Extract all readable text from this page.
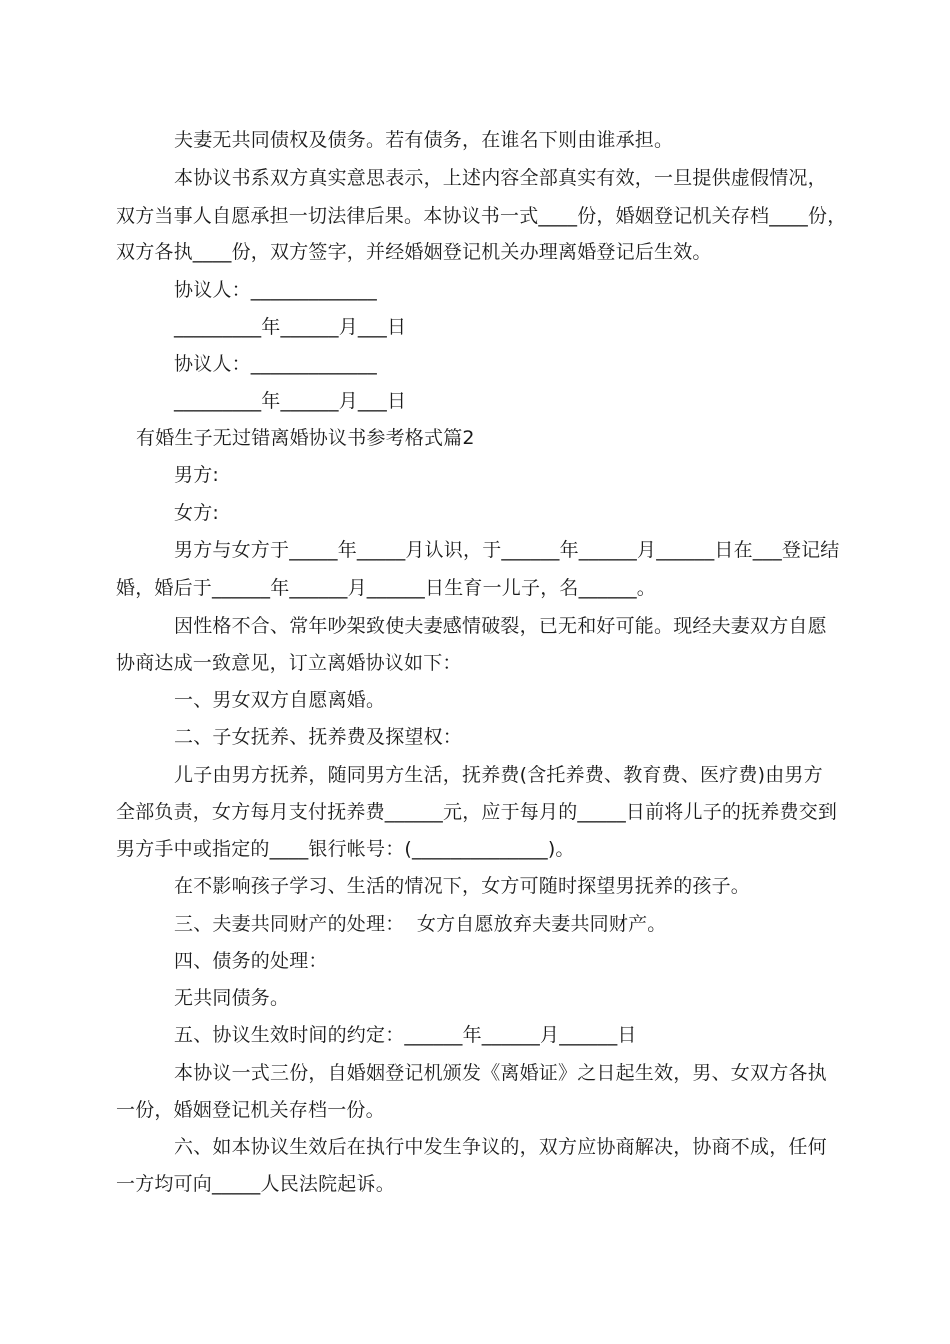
夫妻无共同债权及债务。若有债务，在谁名下则由谁承担。
本协议书系双方真实意思表示，上述内容全部真实有效，一旦提供虚假情况，
双方当事人自愿承担一切法律后果。本协议书一式____份，婚姻登记机关存档____份，
双方各执____份，双方签字，并经婚姻登记机关办理离婚登记后生效。
协议人：_____________
_________年______月___日
协议人：_____________
_________年______月___日
有婚生子无过错离婚协议书参考格式篇2
男方:
女方:
男方与女方于_____年_____月认识，于______年______月______日在___登记结
婚，婚后于______年______月______日生育一儿子，名______。
因性格不合、常年吵架致使夫妻感情破裂，已无和好可能。现经夫妻双方自愿
协商达成一致意见，订立离婚协议如下：
一、男女双方自愿离婚。
二、子女抚养、抚养费及探望权：
儿子由男方抚养，随同男方生活，抚养费(含托养费、教育费、医疗费)由男方
全部负责，女方每月支付抚养费______元，应于每月的_____日前将儿子的抚养费交到
男方手中或指定的____银行帐号：(______________)。
在不影响孩子学习、生活的情况下，女方可随时探望男抚养的孩子。
三、夫妻共同财产的处理：  女方自愿放弃夫妻共同财产。
四、债务的处理：
无共同债务。
五、协议生效时间的约定：______年______月______日
本协议一式三份，自婚姻登记机颁发《离婚证》之日起生效，男、女双方各执
一份，婚姻登记机关存档一份。
六、如本协议生效后在执行中发生争议的，双方应协商解决，协商不成，任何
一方均可向_____人民法院起诉。
